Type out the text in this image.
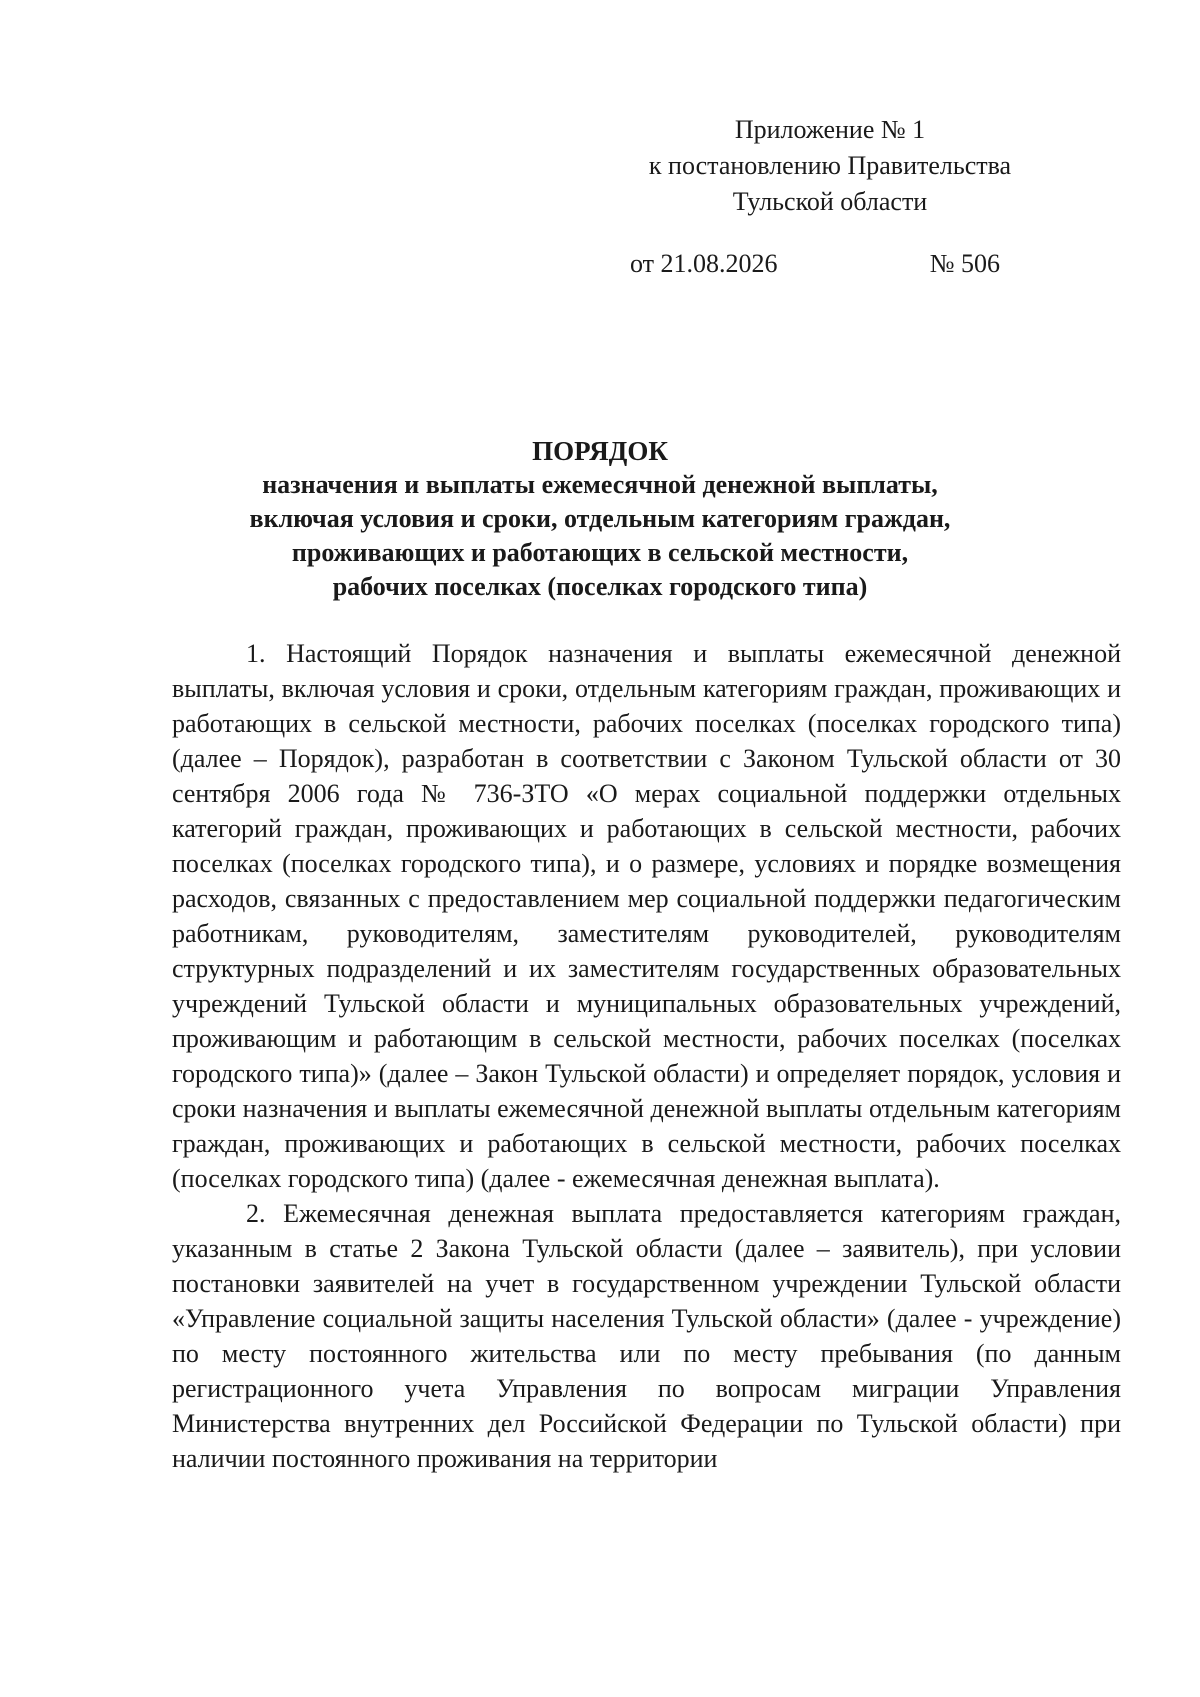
Приложение № 1
к постановлению Правительства
Тульской области
от 21.08.2026	№ 506
ПОРЯДОК
назначения и выплаты ежемесячной денежной выплаты,
включая условия и сроки, отдельным категориям граждан,
проживающих и работающих в сельской местности,
рабочих поселках (поселках городского типа)

1. Настоящий Порядок назначения и выплаты ежемесячной денежной выплаты, включая условия и сроки, отдельным категориям граждан, проживающих и работающих в сельской местности, рабочих поселках (поселках городского типа) (далее – Порядок), разработан в соответствии с Законом Тульской области от 30 сентября 2006 года № 736-ЗТО «О мерах социальной поддержки отдельных категорий граждан, проживающих и работающих в сельской местности, рабочих поселках (поселках городского типа), и о размере, условиях и порядке возмещения расходов, связанных с предоставлением мер социальной поддержки педагогическим работникам, руководителям, заместителям руководителей, руководителям структурных подразделений и их заместителям государственных образовательных учреждений Тульской области и муниципальных образовательных учреждений, проживающим и работающим в сельской местности, рабочих поселках (поселках городского типа)» (далее – Закон Тульской области) и определяет порядок, условия и сроки назначения и выплаты ежемесячной денежной выплаты отдельным категориям граждан, проживающих и работающих в сельской местности, рабочих поселках (поселках городского типа) (далее - ежемесячная денежная выплата).

2. Ежемесячная денежная выплата предоставляется категориям граждан, указанным в статье 2 Закона Тульской области (далее – заявитель), при условии постановки заявителей на учет в государственном учреждении Тульской области «Управление социальной защиты населения Тульской области» (далее - учреждение) по месту постоянного жительства или по месту пребывания (по данным регистрационного учета Управления по вопросам миграции Управления Министерства внутренних дел Российской Федерации по Тульской области) при наличии постоянного проживания на территории
